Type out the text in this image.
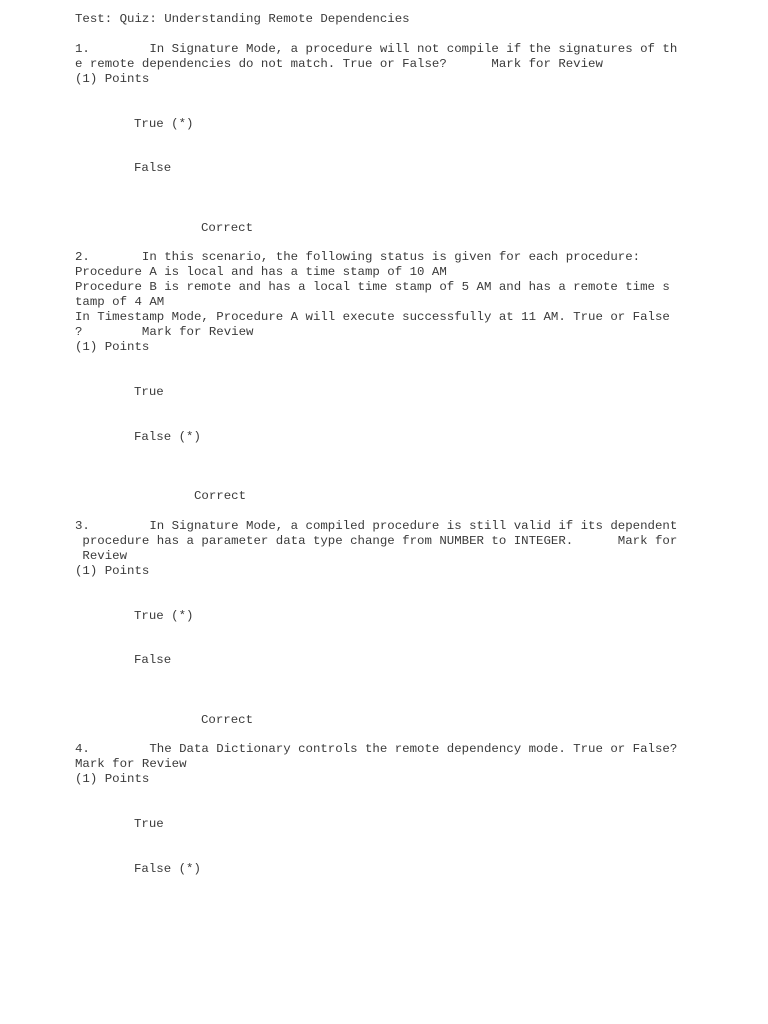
Test: Quiz: Understanding Remote Dependencies
1.        In Signature Mode, a procedure will not compile if the signatures of th
e remote dependencies do not match. True or False?      Mark for Review
(1) Points
True (*)
False
Correct
2.       In this scenario, the following status is given for each procedure:
Procedure A is local and has a time stamp of 10 AM
Procedure B is remote and has a local time stamp of 5 AM and has a remote time s
tamp of 4 AM
In Timestamp Mode, Procedure A will execute successfully at 11 AM. True or False
?        Mark for Review
(1) Points
True
False (*)
Correct
3.        In Signature Mode, a compiled procedure is still valid if its dependent
procedure has a parameter data type change from NUMBER to INTEGER.      Mark for
Review
(1) Points
True (*)
False
Correct
4.        The Data Dictionary controls the remote dependency mode. True or False?
Mark for Review
(1) Points
True
False (*)
